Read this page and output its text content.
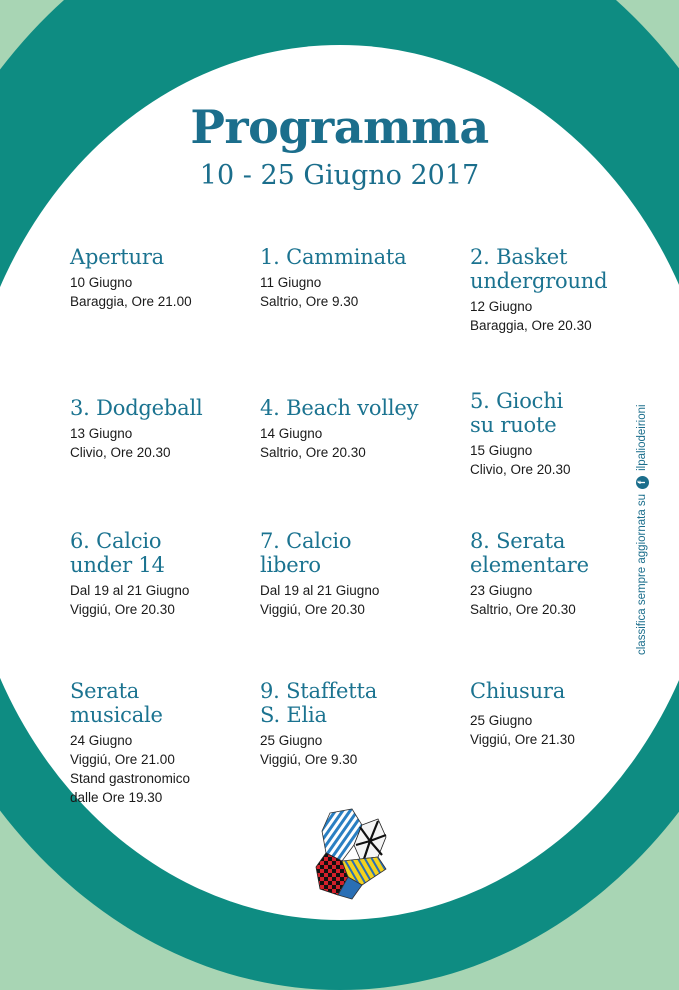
Programma
10 - 25 Giugno 2017
Apertura
10 Giugno
Baraggia, Ore 21.00
1. Camminata
11 Giugno
Saltrio, Ore 9.30
2. Basket underground
12 Giugno
Baraggia, Ore 20.30
3. Dodgeball
13 Giugno
Clivio, Ore 20.30
4. Beach volley
14 Giugno
Saltrio, Ore 20.30
5. Giochi su ruote
15 Giugno
Clivio, Ore 20.30
6. Calcio under 14
Dal 19 al 21 Giugno
Viggiú, Ore 20.30
7. Calcio libero
Dal 19 al 21 Giugno
Viggiú, Ore 20.30
8. Serata elementare
23 Giugno
Saltrio, Ore 20.30
Serata musicale
24 Giugno
Viggiú, Ore 21.00
Stand gastronomico
dalle Ore 19.30
9. Staffetta S. Elia
25 Giugno
Viggiú, Ore 9.30
Chiusura
25 Giugno
Viggiú, Ore 21.30
classifica sempre aggiornata su
f
ilpaliodeirioni
